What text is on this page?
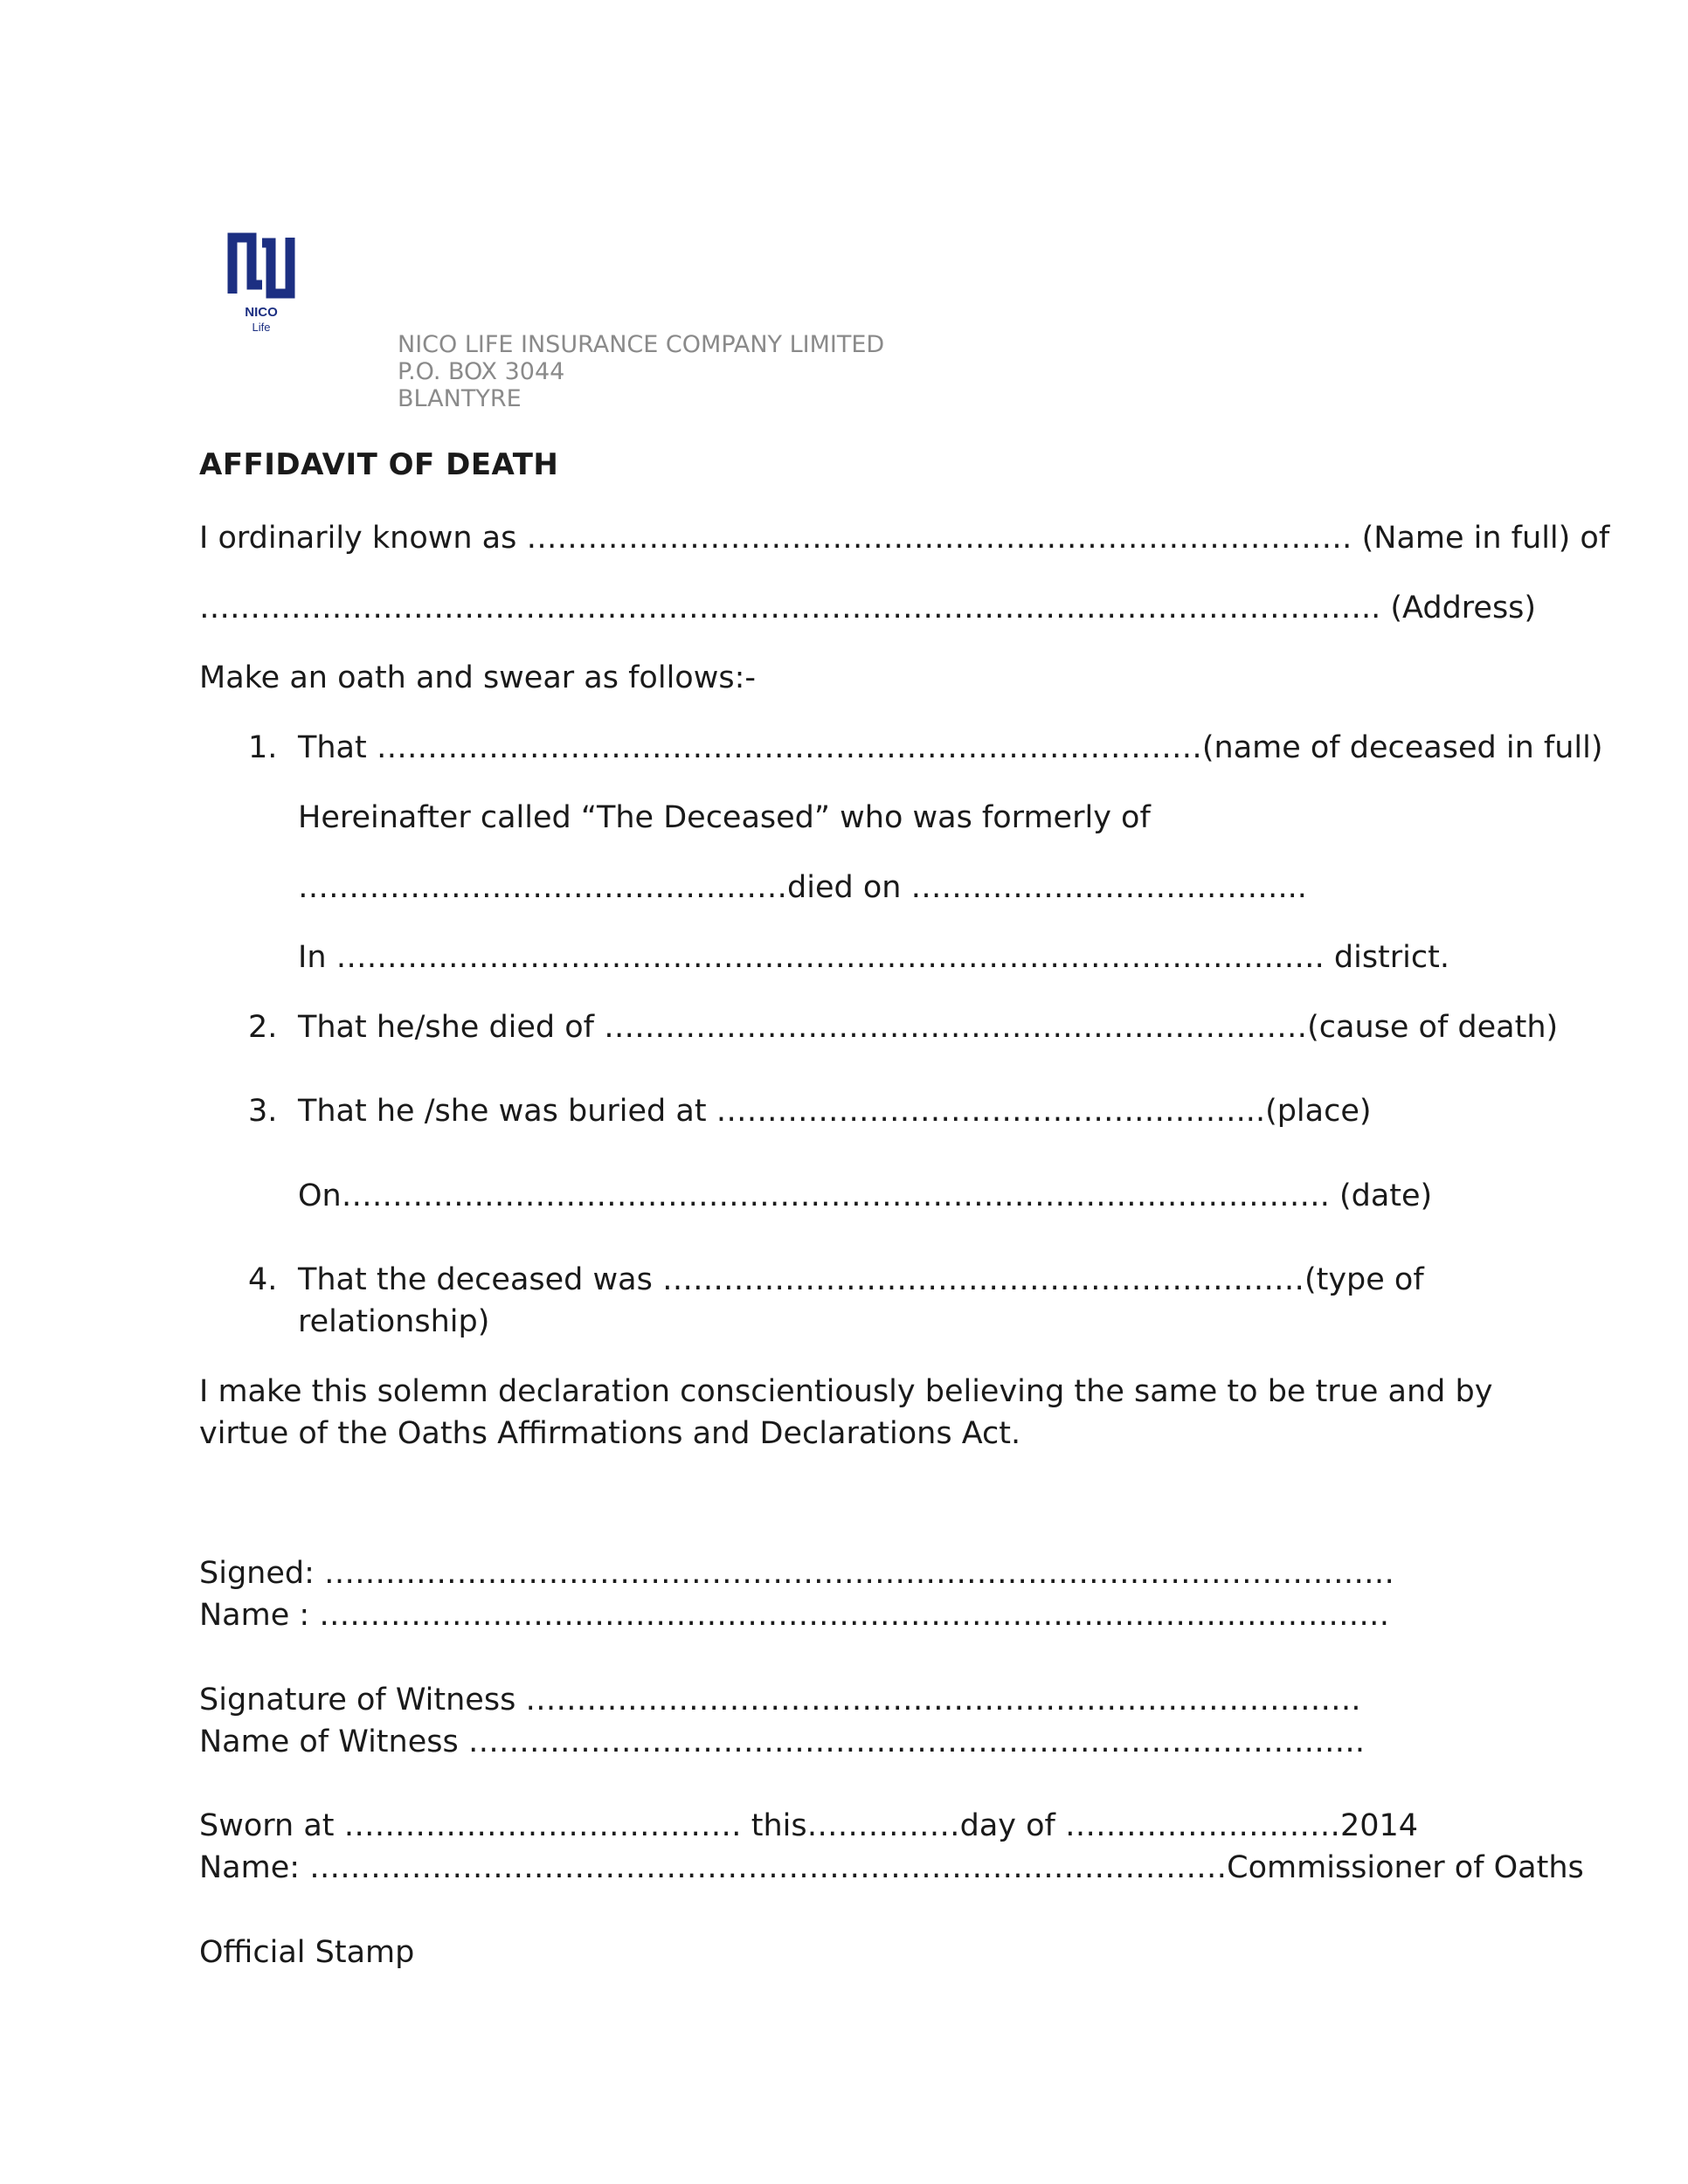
NICO
Life
NICO LIFE INSURANCE COMPANY LIMITED
P.O. BOX 3044
BLANTYRE
AFFIDAVIT OF DEATH
I ordinarily known as ……………………………………………………………………… (Name in full) of
…………………………………………………………………………………………………….. (Address)
Make an oath and swear as follows:-
1. That ………………………………………………………………………(name of deceased in full)
Hereinafter called “The Deceased” who was formerly of
…………………………………………died on ………………………………...
In ……………………………………………………………………………………. district.
2. That he/she died of ……………………………………………………………(cause of death)
3. That he /she was buried at ……………………………………………...(place)
On……………………………………………………………………………………. (date)
4. That the deceased was ………………………………………………………(type of
relationship)
I make this solemn declaration conscientiously believing the same to be true and by
virtue of the Oaths Affirmations and Declarations Act.
Signed: ……………………………………………………………………………………………
Name : ……………………………………………………………………………………………
Signature of Witness ……………………………………………………………………….
Name of Witness …………………………………………………………………………….
Sworn at ………………………………… this……………day of ………………………2014
Name: ………………………………………………………………………………Commissioner of Oaths
Official Stamp
